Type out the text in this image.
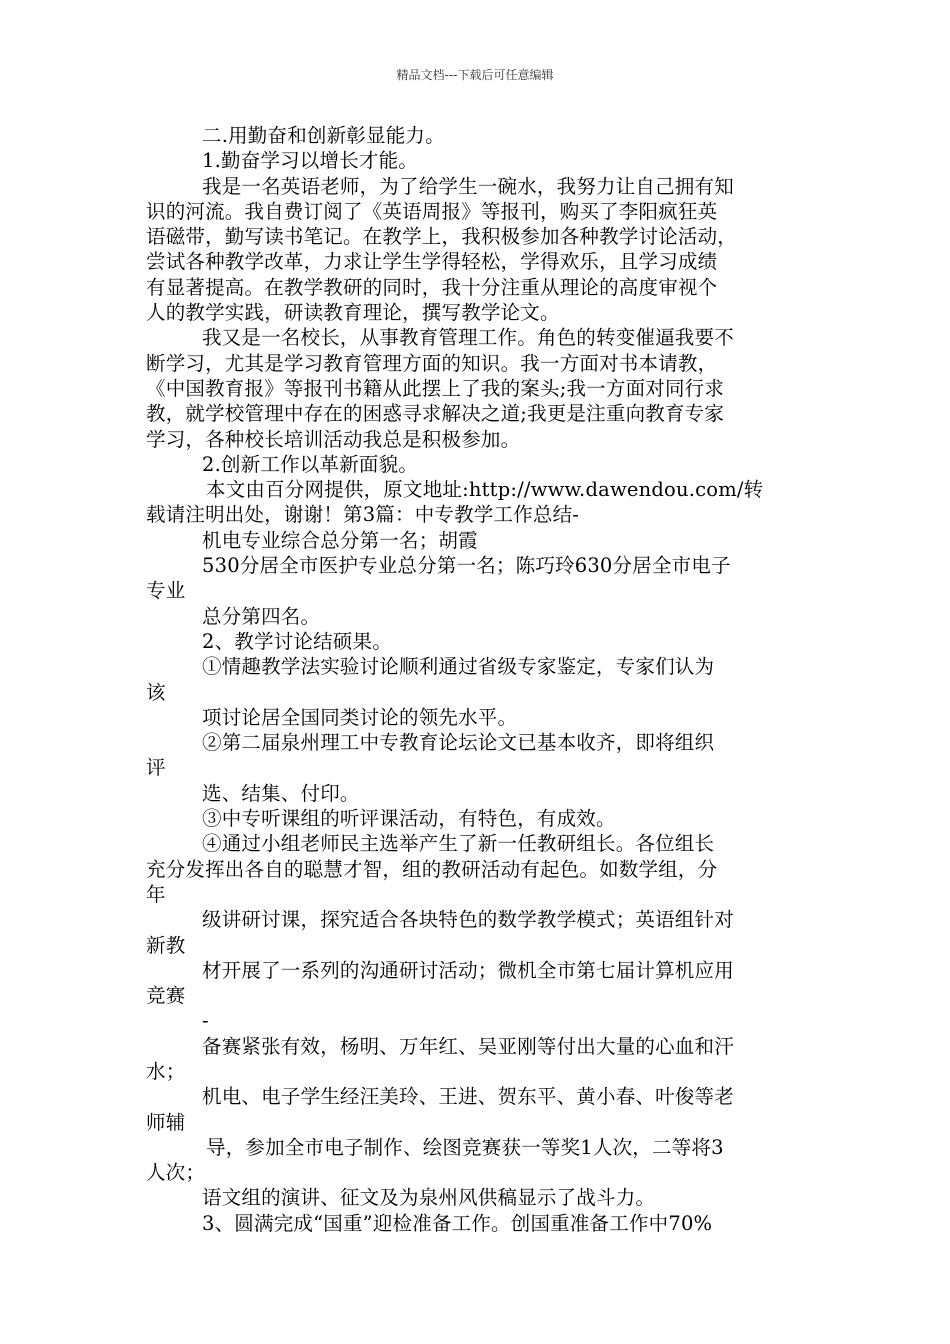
精品文档---下载后可任意编辑
二.用勤奋和创新彰显能力。
1.勤奋学习以增长才能。
我是一名英语老师，为了给学生一碗水，我努力让自己拥有知
识的河流。我自费订阅了《英语周报》等报刊，购买了李阳疯狂英
语磁带，勤写读书笔记。在教学上，我积极参加各种教学讨论活动，
尝试各种教学改革，力求让学生学得轻松，学得欢乐，且学习成绩
有显著提高。在教学教研的同时，我十分注重从理论的高度审视个
人的教学实践，研读教育理论，撰写教学论文。
我又是一名校长，从事教育管理工作。角色的转变催逼我要不
断学习，尤其是学习教育管理方面的知识。我一方面对书本请教，
《中国教育报》等报刊书籍从此摆上了我的案头;我一方面对同行求
教，就学校管理中存在的困惑寻求解决之道;我更是注重向教育专家
学习，各种校长培训活动我总是积极参加。
2.创新工作以革新面貌。
本文由百分网提供，原文地址:http://www.dawendou.com/转
载请注明出处，谢谢！第3篇：中专教学工作总结-
机电专业综合总分第一名；胡霞
530分居全市医护专业总分第一名；陈巧玲630分居全市电子
专业
总分第四名。
2、教学讨论结硕果。
①情趣教学法实验讨论顺利通过省级专家鉴定，专家们认为
该
项讨论居全国同类讨论的领先水平。
②第二届泉州理工中专教育论坛论文已基本收齐，即将组织
评
选、结集、付印。
③中专听课组的听评课活动，有特色，有成效。
④通过小组老师民主选举产生了新一任教研组长。各位组长
充分发挥出各自的聪慧才智，组的教研活动有起色。如数学组，分
年
级讲研讨课，探究适合各块特色的数学教学模式；英语组针对
新教
材开展了一系列的沟通研讨活动；微机全市第七届计算机应用
竞赛
-
备赛紧张有效，杨明、万年红、吴亚刚等付出大量的心血和汗
水；
机电、电子学生经汪美玲、王进、贺东平、黄小春、叶俊等老
师辅
导，参加全市电子制作、绘图竞赛获一等奖1人次，二等将3
人次；
语文组的演讲、征文及为泉州风供稿显示了战斗力。
3、圆满完成“国重”迎检准备工作。创国重准备工作中70%
